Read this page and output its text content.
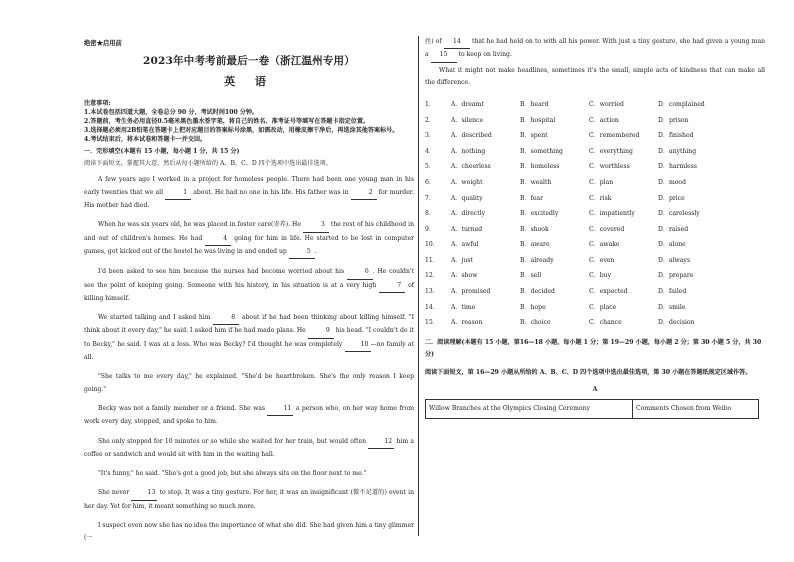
绝密★启用前
2023年中考考前最后一卷（浙江温州专用）
英 语
注意事项:
1.本试卷包括四道大题，全卷总分 90 分，考试时间100 分钟。
2.答题前，考生务必用直径0.5毫米黑色墨水签字笔，将自己的姓名、准考证号等填写在答题卡指定位置。
3.选择题必须用2B铅笔在答题卡上把对应题目的答案标号涂黑，如需改动，用橡皮擦干净后，再选涂其他答案标号。
4.考试结束后，将本试卷和答题卡一并交回。
一．完形填空(本题有 15 小题，每小题 1 分，共 15 分)
阅读下面短文，掌握其大意，然后从每小题所给的 A、B、C、D 四个选项中选出最佳选项。
A few years ago I worked in a project for homeless people. There had been one young man in his early twenties that we all	1 about. He had no one in his life. His father was in	2 for murder. His mother had died.
When he was six years old, he was placed in foster care(寄养). He	3 the rest of his childhood in and out of children's homes. He had	4 going for him in life. He started to be lost in computer games, got kicked out of the hostel he was living in and ended up	5 .
I'd been asked to see him because the nurses had become worried about his	6 . He couldn't see the point of keeping going. Someone with his history, in his situation is at a very high	7 of killing himself.
We started talking and I asked him	8 about if he had been thinking about killing himself. "I think about it every day," he said. I asked him if he had made plans. He	9 his head. "I couldn't do it to Becky," he said. I was at a loss. Who was Becky? I'd thought he was completely	10 —no family at all.
"She talks to me every day," he explained. "She'd be heartbroken. She's the only reason I keep going."
Becky was not a family member or a friend. She was	11 a person who, on her way home from work every day, stopped, and spoke to him.
She only stopped for 10 minutes or so while she waited for her train, but would often	12 him a coffee or sandwich and would sit with him in the waiting hall.
"It's funny," he said. "She's got a good job, but she always sits on the floor next to me."
She never	13 to stop. It was a tiny gesture. For her, it was an insignificant (微不足道的) event in her day. Yet for him, it meant something so much more.
I suspect even now she has no idea the importance of what she did. She had given him a tiny glimmer (一
丝) of 14 that he had held on to with all his power. With just a tiny gesture, she had given a young man a 15 to keep on living.
What it might not make headlines, sometimes it's the small, simple acts of kindness that can make all the difference.
1．	A．dreamt	B．heard	C．worried	D．complained
2．	A．silence	B．hospital	C．action	D．prison
3．	A．described	B．spent	C．remembered	D．finished
4．	A．nothing	B．something	C．everything	D．anything
5．	A．cheerless	B．homeless	C．worthless	D．harmless
6．	A．weight	B．wealth	C．plan	D．mood
7．	A．quality	B．fear	C．risk	D．price
8．	A．directly	B．excitedly	C．impatiently	D．carelessly
9．	A．turned	B．shook	C．covered	D．raised
10．	A．awful	B．aware	C．awake	D．alone
11．	A．just	B．already	C．even	D．always
12．	A．show	B．sell	C．buy	D．prepare
13．	A．promised	B．decided	C．expected	D．failed
14．	A．time	B．hope	C．place	D．smile
15．	A．reason	B．choice	C．chance	D．decision
二．阅读理解(本题有 15 小题，第16—18 小题，每小题 1 分；第 19—29 小题，每小题 2 分；第 30 小题 5 分，共 30 分)
阅读下面短文，第 16—29 小题从所给的 A、B、C、D 四个选项中选出最佳选项，第 30 小题在答题纸规定区域作答。
A
Willow Branches at the Olympics Closing Ceremony	Comments Chosen from Weibo
